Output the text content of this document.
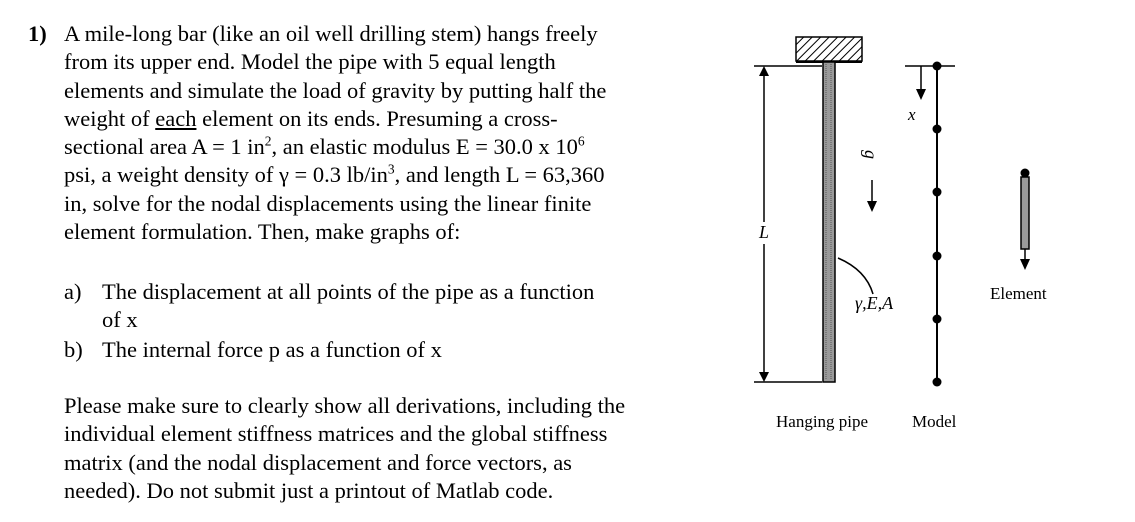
1) A mile-long bar (like an oil well drilling stem) hangs freely
from its upper end. Model the pipe with 5 equal length
elements and simulate the load of gravity by putting half the
weight of each element on its ends. Presuming a cross-
sectional area A = 1 $in^2$, an elastic modulus E = 30.0 x $10^6$
psi, a weight density of γ = 0.3 $lb/in^3$, and length L = 63,360
in, solve for the nodal displacements using the linear finite
element formulation. Then, make graphs of:
a) The displacement at all points of the pipe as a function
of x
b) The internal force p as a function of x
Please make sure to clearly show all derivations, including the
individual element stiffness matrices and the global stiffness
matrix (and the nodal displacement and force vectors, as
needed). Do not submit just a printout of Matlab code.
L
g
γ,E,A
x
Element
Hanging pipe	Model
